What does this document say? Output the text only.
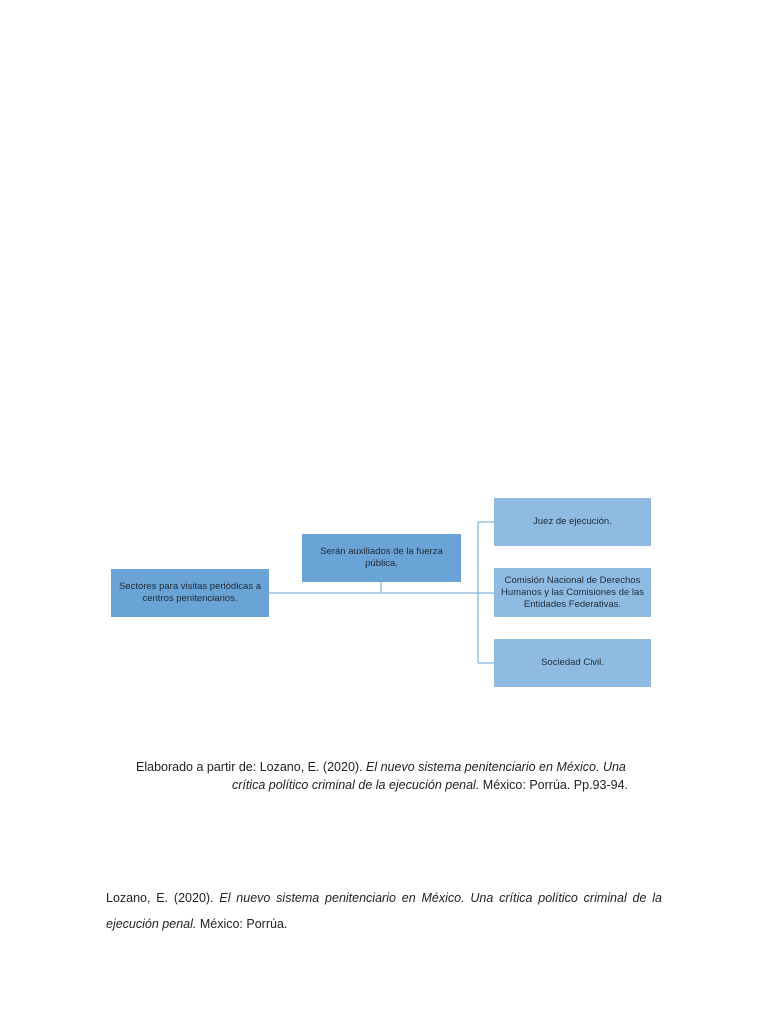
Sectores para visitas periódicas a centros penitenciarios.
Serán auxiliados de la fuerza pública.
Juez de ejecución.
Comisión Nacional de Derechos Humanos y las Comisiones de las Entidades Federativas.
Sociedad Civil.
Elaborado a partir de: Lozano, E. (2020). El nuevo sistema penitenciario en México. Una
crítica político criminal de la ejecución penal. México: Porrúa. Pp.93-94.
Lozano, E. (2020). El nuevo sistema penitenciario en México. Una crítica político criminal de la ejecución penal. México: Porrúa.
